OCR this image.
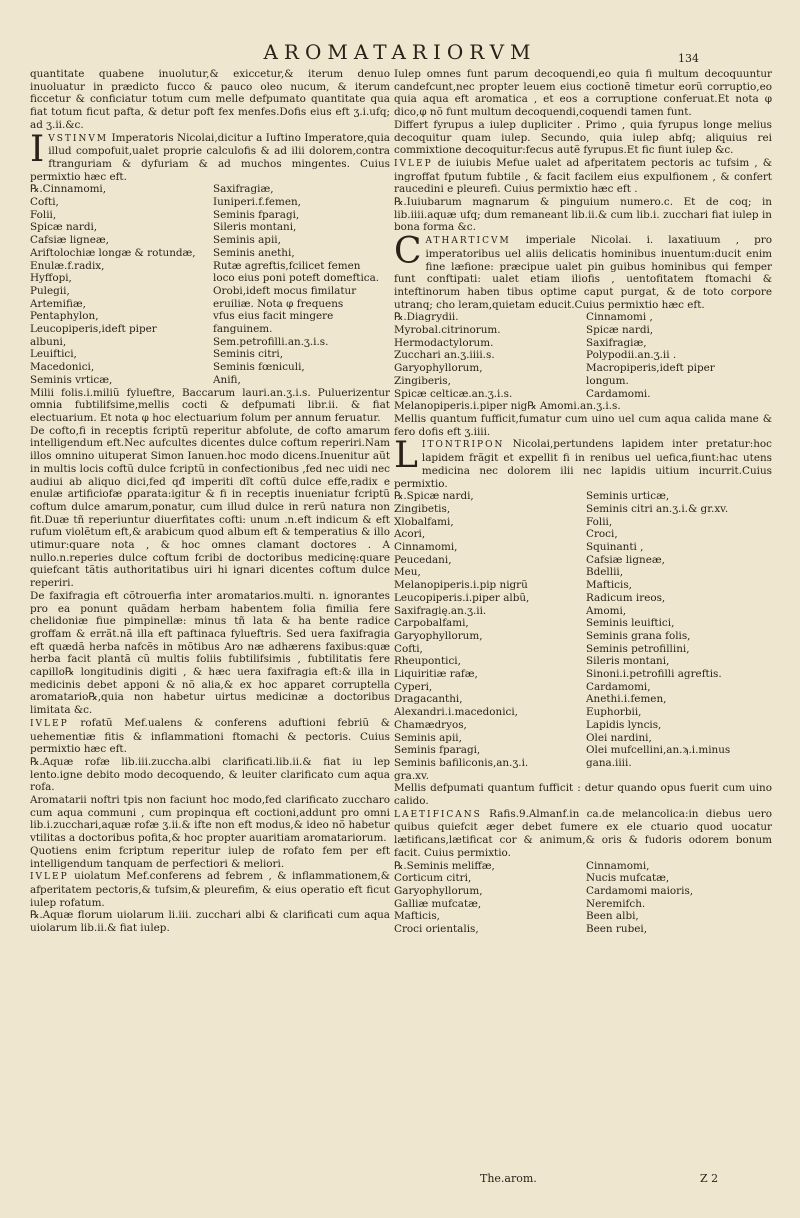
AROMATARIORVM	134

quantitate quabene inuolutur,& exiccetur,& iterum denuo inuoluatur in prædicto fucco & pauco oleo nucum, & iterum ficcetur & conficiatur totum cum melle defpumato quantitate qua fiat totum ficut pafta, & detur poft fex menfes.Dofis eius eft ʒ.i.ufq; ad ʒ.ii.&c.

I VSTINVM Imperatoris Nicolai,dicitur a Iuftino Imperatore,quia illud compofuit,ualet proprie calculofis & ad ilii dolorem,contra ftranguriam & dyfuriam & ad muchos mingentes. Cuius permixtio hæc eft.

℞.Cinnamomi,	Saxifragiæ,
Cofti,	Iuniperi.f.femen,
Folii,	Seminis fparagi,
Spicæ nardi,	Sileris montani,
Cafsiæ ligneæ,	Seminis apii,
Ariftolochiæ longæ & rotundæ,	Seminis anethi,
Enulæ.f.radix,	Rutæ agreftis,fcilicet femen
Hyffopi,	loco eius poni poteft domeftica.
Pulegii,	Orobi,ideft mocus fimilatur
Artemifiæ,	eruiliæ. Nota φ frequens
Pentaphylon,	vfus eius facit mingere
Leucopiperis,ideft piper	fanguinem.
albuni,	Sem.petrofilli.an.ʒ.i.s.
Leuiftici,	Seminis citri,
Macedonici,	Seminis fœniculi,
Seminis vrticæ,	Anifi,

Milii folis.i.miliũ fylueftre, Baccarum lauri.an.ʒ.i.s. Puluerizentur omnia fubtilifsime,mellis cocti & defpumati libr.ii. & fiat electuarium. Et nota φ hoc electuarium folum per annum feruatur.

De cofto,fi in receptis fcriptũ reperitur abfolute, de cofto amarum intelligendum eft.Nec aufcultes dicentes dulce coftum reperiri.Nam illos omnino uituperat Simon Ianuen.hoc modo dicens.Inuenitur aũt in multis locis coftũ dulce fcriptũ in confectionibus ,fed nec uidi nec audiui ab aliquo dici,fed qđ imperiti dĩt coftũ dulce effe,radix e enulæ artificiofæ ρparata:igitur & fi in receptis inueniatur fcriptũ coftum dulce amarum,ponatur, cum illud dulce in rerũ natura non fit.Duæ tñ reperiuntur diuerfitates cofti: unum .n.eft indicum & eft rufum violẽtum eft,& arabicum quod album eft & temperatius & illo utimur:quare nota , & hoc omnes clamant doctores . A nullo.n.reperies dulce coftum fcribi de doctoribus medicinę:quare quiefcant tãtis authoritatibus uiri hi ignari dicentes coftum dulce reperiri.

De faxifragia eft cõtrouerfia inter aromatarios.multi. n. ignorantes pro ea ponunt quãdam herbam habentem folia fimilia fere chelidoniæ fiue pimpinellæ: minus tñ lata & ha bente radice groffam & errãt.nã illa eft paftinaca fylueftris. Sed uera faxifragia eft quædã herba nafcẽs in mõtibus Aro næ adhærens faxibus:quæ herba facit plantã cũ multis foliis fubtilifsimis , fubtilitatis fere capillo℞ longitudinis digiti , & hæc uera faxifragia eft:& illa in medicinis debet apponi & nõ alia,& ex hoc apparet corruptella aromatario℞,quia non habetur uirtus medicinæ a doctoribus limitata &c.

IVLEP rofatũ Mef.ualens & conferens aduftioni febriũ & uehementiæ fitis & inflammationi ftomachi & pectoris. Cuius permixtio hæc eft.

℞.Aquæ rofæ lib.iii.zuccha.albi clarificati.lib.ii.& fiat iu lep lento.igne debito modo decoquendo, & leuiter clarificato cum aqua rofa.

Aromatarii noftri tpis non faciunt hoc modo,fed clarificato zuccharo cum aqua communi , cum propinqua eft coctioni,addunt pro omni lib.i.zucchari,aquæ rofæ ʒ.ii.& ifte non eft modus,& ideo nõ habetur vtilitas a doctoribus pofita,& hoc propter auaritiam aromatariorum.

Quotiens enim fcriptum reperitur iulep de rofato fem per eft intelligendum tanquam de perfectiori & meliori.

IVLEP uiolatum Mef.conferens ad febrem , & inflammationem,& afperitatem pectoris,& tufsim,& pleurefim, & eius operatio eft ficut iulep rofatum.

℞.Aquæ florum uiolarum li.iii. zucchari albi & clarificati cum aqua uiolarum lib.ii.& fiat iulep.

Iulep omnes funt parum decoquendi,eo quia fi multum decoquuntur candefcunt,nec propter leuem eius coctionẽ timetur eorũ corruptio,eo quia aqua eft aromatica , et eos a corruptione conferuat.Et nota φ dico,φ nõ funt multum decoquendi,coquendi tamen funt.

Differt fyrupus a iulep dupliciter . Primo , quia fyrupus longe melius decoquitur quam iulep. Secundo, quia iulep abfq; aliquius rei commixtione decoquitur:fecus autẽ fyrupus.Et fic fiunt iulep &c.

IVLEP de iuiubis Mefue ualet ad afperitatem pectoris ac tufsim , & ingroffat fputum fubtile , & facit facilem eius expulfionem , & confert raucedini e pleurefi. Cuius permixtio hæc eft .

℞.Iuiubarum magnarum & pinguium numero.c. Et de coq; in lib.iiii.aquæ ufq; dum remaneant lib.ii.& cum lib.i. zucchari fiat iulep in bona forma &c.

C ATHARTICVM imperiale Nicolai. i. laxatiuum , pro imperatoribus uel aliis delicatis hominibus inuentum:ducit enim fine læfione: præcipue ualet pin guibus hominibus qui femper funt conftipati: ualet etiam iliofis , uentofitatem ftomachi & inteftinorum haben tibus optime caput purgat, & de toto corpore utranq; cho leram,quietam educit.Cuius permixtio hæc eft.

℞.Diagrydii.	Cinnamomi ,
Myrobal.citrinorum.	Spicæ nardi,
Hermodactylorum.	Saxifragiæ,
Zucchari an.ʒ.iiii.s.	Polypodii.an.ʒ.ii .
Garyophyllorum,	Macropiperis,ideft piper
Zingiberis,	longum.
Spicæ celticæ.an.ʒ.i.s.	Cardamomi.

Melanopiperis.i.piper nig℞ Amomi.an.ʒ.i.s.

Mellis quantum fufficit,fumatur cum uino uel cum aqua calida mane & fero dofis eft ʒ.iiii.

L ITONTRIPON Nicolai,pertundens lapidem inter pretatur:hoc lapidem frãgit et expellit fi in renibus uel uefica,fiunt:hac utens medicina nec dolorem ilii nec lapidis uitium incurrit.Cuius permixtio.

℞.Spicæ nardi,	Seminis urticæ,
Zingibetis,	Seminis citri an.ʒ.i.& gr.xv.
Xlobalfami,	Folii,
Acori,	Croci,
Cinnamomi,	Squinanti ,
Peucedani,	Cafsiæ ligneæ,
Meu,	Bdellii,
Melanopiperis.i.pip nigrũ	Mafticis,
Leucopiperis.i.piper albũ,	Radicum ireos,
Saxifragię.an.ʒ.ii.	Amomi,
Carpobalfami,	Seminis leuiftici,
Garyophyllorum,	Seminis grana folis,
Cofti,	Seminis petrofillini,
Rheupontici,	Sileris montani,
Liquiritiæ rafæ,	Sinoni.i.petrofilli agreftis.
Cyperi,	Cardamomi,
Dragacanthi,	Anethi.i.femen,
Alexandri.i.macedonici,	Euphorbii,
Chamædryos,	Lapidis lyncis,
Seminis apii,	Olei nardini,
Seminis fparagi,	Olei mufcellini,an.ϡ.i.minus
Seminis bafiliconis,an.ʒ.i.	gana.iiii.

gra.xv.

Mellis defpumati quantum fufficit : detur quando opus fuerit cum uino calido.

LAETIFICANS Rafis.9.Almanf.in ca.de melancolica:in diebus uero quibus quiefcit æger debet fumere ex ele ctuario quod uocatur lætificans,lætificat cor & animum,& oris & fudoris odorem bonum facit. Cuius permixtio.

℞.Seminis meliffæ,	Cinnamomi,
Corticum citri,	Nucis mufcatæ,
Garyophyllorum,	Cardamomi maioris,
Galliæ mufcatæ,	Neremifch.
Mafticis,	Been albi,
Croci orientalis,	Been rubei,
The.arom.	Z 2
